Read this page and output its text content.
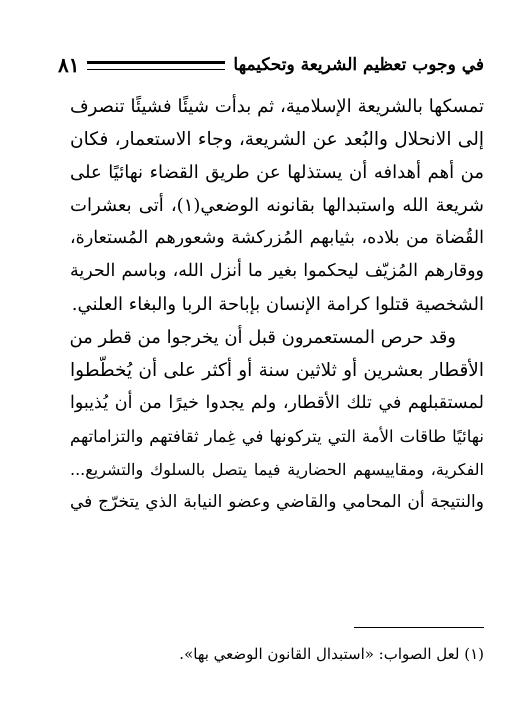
في وجوب تعظيم الشريعة وتحكيمها
٨١
تمسكها بالشريعة الإسلامية، ثم بدأت شيئًا فشيئًا تنصرف
إلى الانحلال والبُعد عن الشريعة، وجاء الاستعمار، فكان
من أهم أهدافه أن يستذلها عن طريق القضاء نهائيًا على
شريعة الله واستبدالها بقانونه الوضعي(١)، أتى بعشرات
القُضاة من بلاده، بثيابهم المُزركشة وشعورهم المُستعارة،
ووقارهم المُزيّف ليحكموا بغير ما أنزل الله، وباسم الحرية
الشخصية قتلوا كرامة الإنسان بإباحة الربا والبغاء العلني.
وقد حرص المستعمرون قبل أن يخرجوا من قطر من
الأقطار بعشرين أو ثلاثين سنة أو أكثر على أن يُخطّطوا
لمستقبلهم في تلك الأقطار، ولم يجدوا خيرًا من أن يُذيبوا
نهائيًا طاقات الأمة التي يتركونها في غِمار ثقافتهم والتزاماتهم
الفكرية، ومقاييسهم الحضارية فيما يتصل بالسلوك والتشريع...
والنتيجة أن المحامي والقاضي وعضو النيابة الذي يتخرّج في
(١) لعل الصواب: «استبدال القانون الوضعي بها».
